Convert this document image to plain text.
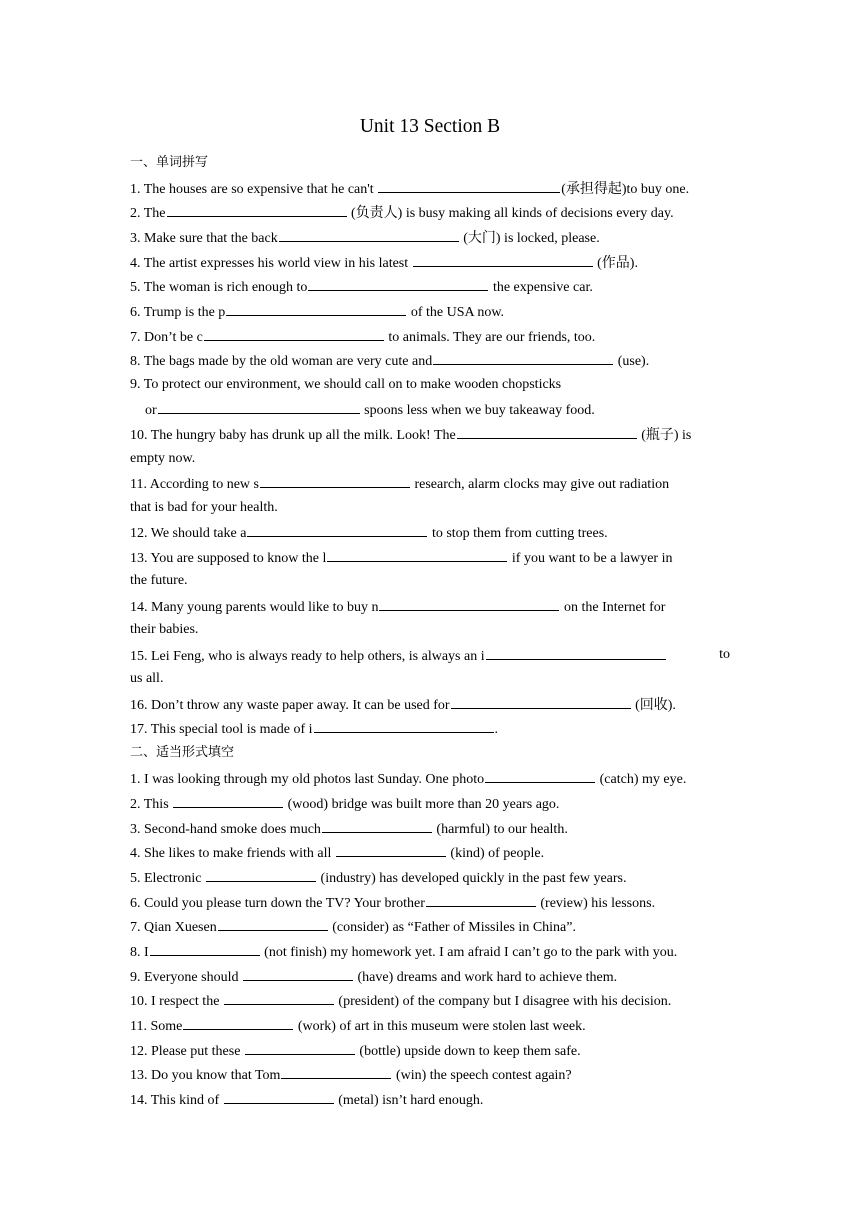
Unit 13 Section B
一、单词拼写
1. The houses are so expensive that he can't	(承担得起)to buy one.
2. The	(负责人) is busy making all kinds of decisions every day.
3. Make sure that the back	(大门) is locked, please.
4. The artist expresses his world view in his latest	(作品).
5. The woman is rich enough to	the expensive car.
6. Trump is the p	of the USA now.
7. Don’t be c	to animals. They are our friends, too.
8. The bags made by the old woman are very cute and	(use).
9. To protect our environment, we should call on to make wooden chopsticks
or	spoons less when we buy takeaway food.
10. The hungry baby has drunk up all the milk. Look! The	(瓶子) is
empty now.
11. According to new s	research, alarm clocks may give out radiation
that is bad for your health.
12. We should take a	to stop them from cutting trees.
13. You are supposed to know the l	if you want to be a lawyer in
the future.
14. Many young parents would like to buy n	on the Internet for
their babies.
15. Lei Feng, who is always ready to help others, is always an i	to
us all.
16. Don’t throw any waste paper away. It can be used for	(回收).
17. This special tool is made of i	.
二、适当形式填空
1. I was looking through my old photos last Sunday. One photo	(catch) my eye.
2. This	(wood) bridge was built more than 20 years ago.
3. Second-hand smoke does much	(harmful) to our health.
4. She likes to make friends with all	(kind) of people.
5. Electronic	(industry) has developed quickly in the past few years.
6. Could you please turn down the TV? Your brother	(review) his lessons.
7. Qian Xuesen	(consider) as “Father of Missiles in China”.
8. I	(not finish) my homework yet. I am afraid I can’t go to the park with you.
9. Everyone should	(have) dreams and work hard to achieve them.
10. I respect the	(president) of the company but I disagree with his decision.
11. Some	(work) of art in this museum were stolen last week.
12. Please put these	(bottle) upside down to keep them safe.
13. Do you know that Tom	(win) the speech contest again?
14. This kind of	(metal) isn’t hard enough.
